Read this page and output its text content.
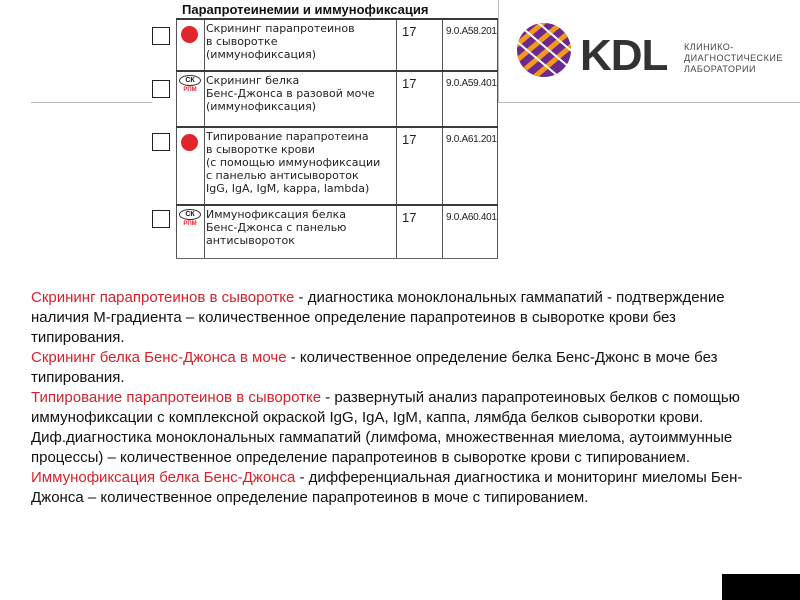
Парапротеинемии и иммунофиксация
Скрининг парапротеинов
в сыворотке
(иммунофиксация)
17	9.0.A58.201
СК
РПМ
Скрининг белка
Бенс-Джонса в разовой моче
(иммунофиксация)
17	9.0.A59.401
Типирование парапротеина
в сыворотке крови
(с помощью иммунофиксации
с панелью антисывороток
IgG, IgA, IgM, kappa, lambda)
17	9.0.A61.201
СК
РПМ
Иммунофиксация белка
Бенс-Джонса с панелью
антисывороток
17	9.0.A60.401
KDL КЛИНИКО-
ДИАГНОСТИЧЕСКИЕ
ЛАБОРАТОРИИ

Скрининг парапротеинов в сыворотке - диагностика моноклональных гаммапатий - подтверждение наличия М-градиента – количественное определение парапротеинов в сыворотке крови без типирования.

Скрининг белка Бенс-Джонса в моче - количественное определение белка Бенс-Джонс в моче без типирования.

Типирование парапротеинов в сыворотке - развернутый анализ парапротеиновых белков с помощью иммунофиксации с комплексной окраской IgG, IgA, IgM, каппа, лямбда белков сыворотки крови. Диф.диагностика моноклональных гаммапатий (лимфома, множественная миелома, аутоиммунные процессы) – количественное определение парапротеинов в сыворотке крови с типированием.

Иммунофиксация белка Бенс-Джонса - дифференциальная диагностика и мониторинг миеломы Бен-Джонса – количественное определение парапротеинов в моче с типированием.
